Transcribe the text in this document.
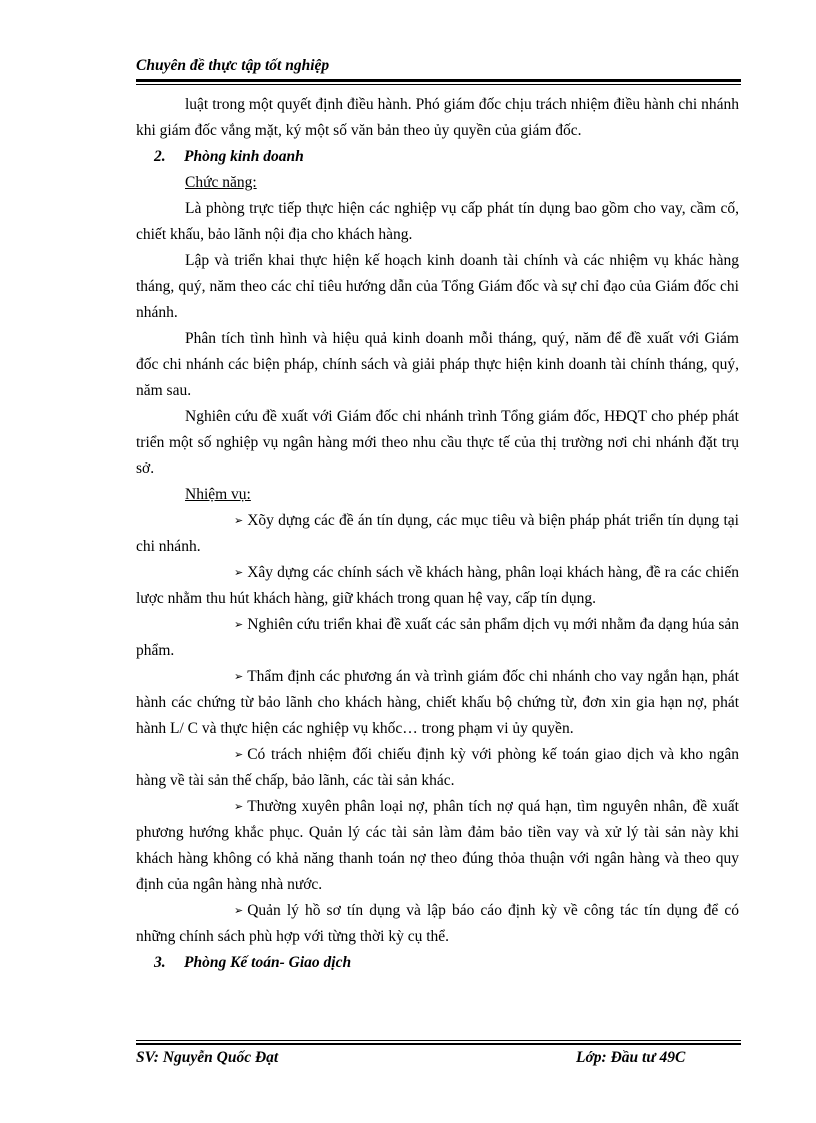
Chuyên đề thực tập tốt nghiệp

luật trong một quyết định điều hành. Phó giám đốc chịu trách nhiệm điều hành chi nhánh khi giám đốc vắng mặt, ký một số văn bản theo ủy quyền của giám đốc.

2. Phòng kinh doanh

Chức năng:

Là phòng trực tiếp thực hiện các nghiệp vụ cấp phát tín dụng bao gồm cho vay, cầm cố, chiết khấu, bảo lãnh nội địa cho khách hàng.

Lập và triển khai thực hiện kế hoạch kinh doanh tài chính và các nhiệm vụ khác hàng tháng, quý, năm theo các chỉ tiêu hướng dẫn của Tổng Giám đốc và sự chỉ đạo của Giám đốc chi nhánh.

Phân tích tình hình và hiệu quả kinh doanh mỗi tháng, quý, năm để đề xuất với Giám đốc chi nhánh các biện pháp, chính sách và giải pháp thực hiện kinh doanh tài chính tháng, quý, năm sau.

Nghiên cứu đề xuất với Giám đốc chi nhánh trình Tổng giám đốc, HĐQT cho phép phát triển một số nghiệp vụ ngân hàng mới theo nhu cầu thực tế của thị trường nơi chi nhánh đặt trụ sở.

Nhiệm vụ:

➢ Xõy dựng các đề án tín dụng, các mục tiêu và biện pháp phát triển tín dụng tại chi nhánh.

➢ Xây dựng các chính sách về khách hàng, phân loại khách hàng, đề ra các chiến lược nhằm thu hút khách hàng, giữ khách trong quan hệ vay, cấp tín dụng.

➢ Nghiên cứu triển khai đề xuất các sản phẩm dịch vụ mới nhằm đa dạng húa sản phẩm.

➢ Thẩm định các phương án và trình giám đốc chi nhánh cho vay ngắn hạn, phát hành các chứng từ bảo lãnh cho khách hàng, chiết khấu bộ chứng từ, đơn xin gia hạn nợ, phát hành L/ C và thực hiện các nghiệp vụ khốc… trong phạm vi ủy quyền.

➢ Có trách nhiệm đối chiếu định kỳ với phòng kế toán giao dịch và kho ngân hàng về tài sản thế chấp, bảo lãnh, các tài sản khác.

➢ Thường xuyên phân loại nợ, phân tích nợ quá hạn, tìm nguyên nhân, đề xuất phương hướng khắc phục. Quản lý các tài sản làm đảm bảo tiền vay và xử lý tài sản này khi khách hàng không có khả năng thanh toán nợ theo đúng thỏa thuận với ngân hàng và theo quy định của ngân hàng nhà nước.

➢ Quản lý hồ sơ tín dụng và lập báo cáo định kỳ về công tác tín dụng để có những chính sách phù hợp với từng thời kỳ cụ thể.

3. Phòng Kế toán- Giao dịch

SV: Nguyễn Quốc Đạt	Lớp: Đầu tư 49C
